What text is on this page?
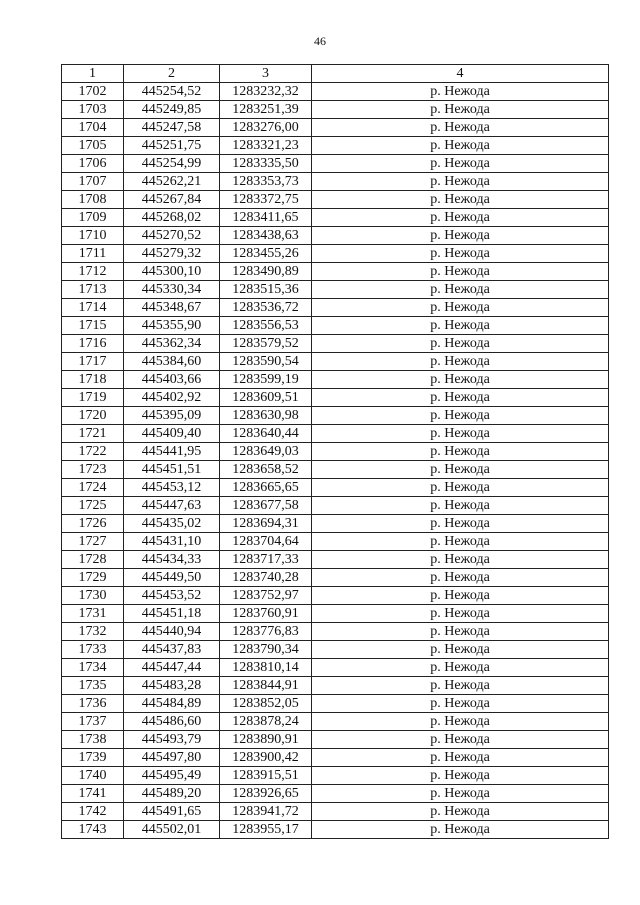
46
1	2	3	4
1702	445254,52	1283232,32	р. Нежода
1703	445249,85	1283251,39	р. Нежода
1704	445247,58	1283276,00	р. Нежода
1705	445251,75	1283321,23	р. Нежода
1706	445254,99	1283335,50	р. Нежода
1707	445262,21	1283353,73	р. Нежода
1708	445267,84	1283372,75	р. Нежода
1709	445268,02	1283411,65	р. Нежода
1710	445270,52	1283438,63	р. Нежода
1711	445279,32	1283455,26	р. Нежода
1712	445300,10	1283490,89	р. Нежода
1713	445330,34	1283515,36	р. Нежода
1714	445348,67	1283536,72	р. Нежода
1715	445355,90	1283556,53	р. Нежода
1716	445362,34	1283579,52	р. Нежода
1717	445384,60	1283590,54	р. Нежода
1718	445403,66	1283599,19	р. Нежода
1719	445402,92	1283609,51	р. Нежода
1720	445395,09	1283630,98	р. Нежода
1721	445409,40	1283640,44	р. Нежода
1722	445441,95	1283649,03	р. Нежода
1723	445451,51	1283658,52	р. Нежода
1724	445453,12	1283665,65	р. Нежода
1725	445447,63	1283677,58	р. Нежода
1726	445435,02	1283694,31	р. Нежода
1727	445431,10	1283704,64	р. Нежода
1728	445434,33	1283717,33	р. Нежода
1729	445449,50	1283740,28	р. Нежода
1730	445453,52	1283752,97	р. Нежода
1731	445451,18	1283760,91	р. Нежода
1732	445440,94	1283776,83	р. Нежода
1733	445437,83	1283790,34	р. Нежода
1734	445447,44	1283810,14	р. Нежода
1735	445483,28	1283844,91	р. Нежода
1736	445484,89	1283852,05	р. Нежода
1737	445486,60	1283878,24	р. Нежода
1738	445493,79	1283890,91	р. Нежода
1739	445497,80	1283900,42	р. Нежода
1740	445495,49	1283915,51	р. Нежода
1741	445489,20	1283926,65	р. Нежода
1742	445491,65	1283941,72	р. Нежода
1743	445502,01	1283955,17	р. Нежода
